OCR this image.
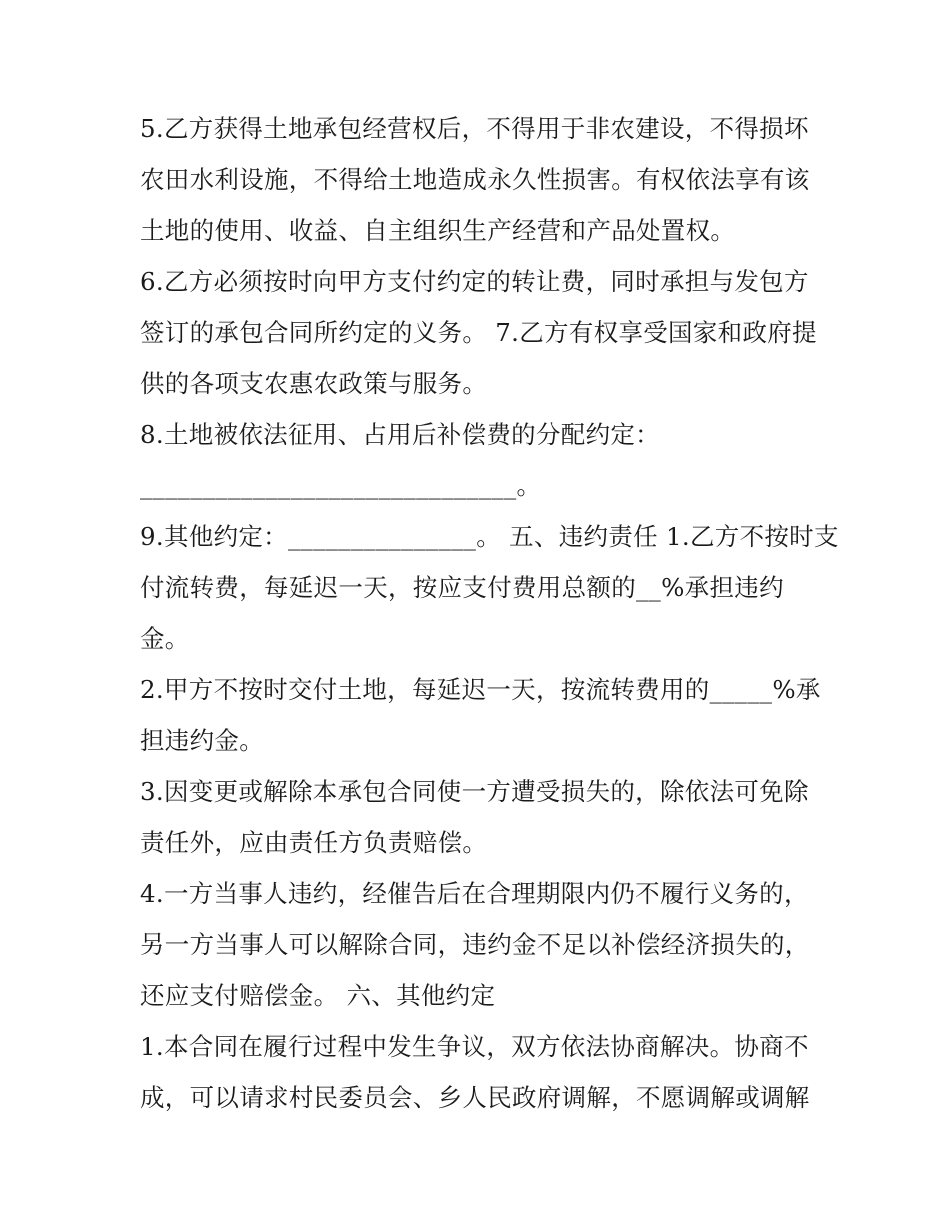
5.乙方获得土地承包经营权后，不得用于非农建设，不得损坏
农田水利设施，不得给土地造成永久性损害。有权依法享有该
土地的使用、收益、自主组织生产经营和产品处置权。
6.乙方必须按时向甲方支付约定的转让费，同时承担与发包方
签订的承包合同所约定的义务。 7.乙方有权享受国家和政府提
供的各项支农惠农政策与服务。
8.土地被依法征用、占用后补偿费的分配约定：
______________________________。
9.其他约定：_______________。 五、违约责任 1.乙方不按时支
付流转费，每延迟一天，按应支付费用总额的__%承担违约
金。
2.甲方不按时交付土地，每延迟一天，按流转费用的_____%承
担违约金。
3.因变更或解除本承包合同使一方遭受损失的，除依法可免除
责任外，应由责任方负责赔偿。
4.一方当事人违约，经催告后在合理期限内仍不履行义务的，
另一方当事人可以解除合同，违约金不足以补偿经济损失的，
还应支付赔偿金。 六、其他约定
1.本合同在履行过程中发生争议，双方依法协商解决。协商不
成，可以请求村民委员会、乡人民政府调解，不愿调解或调解
